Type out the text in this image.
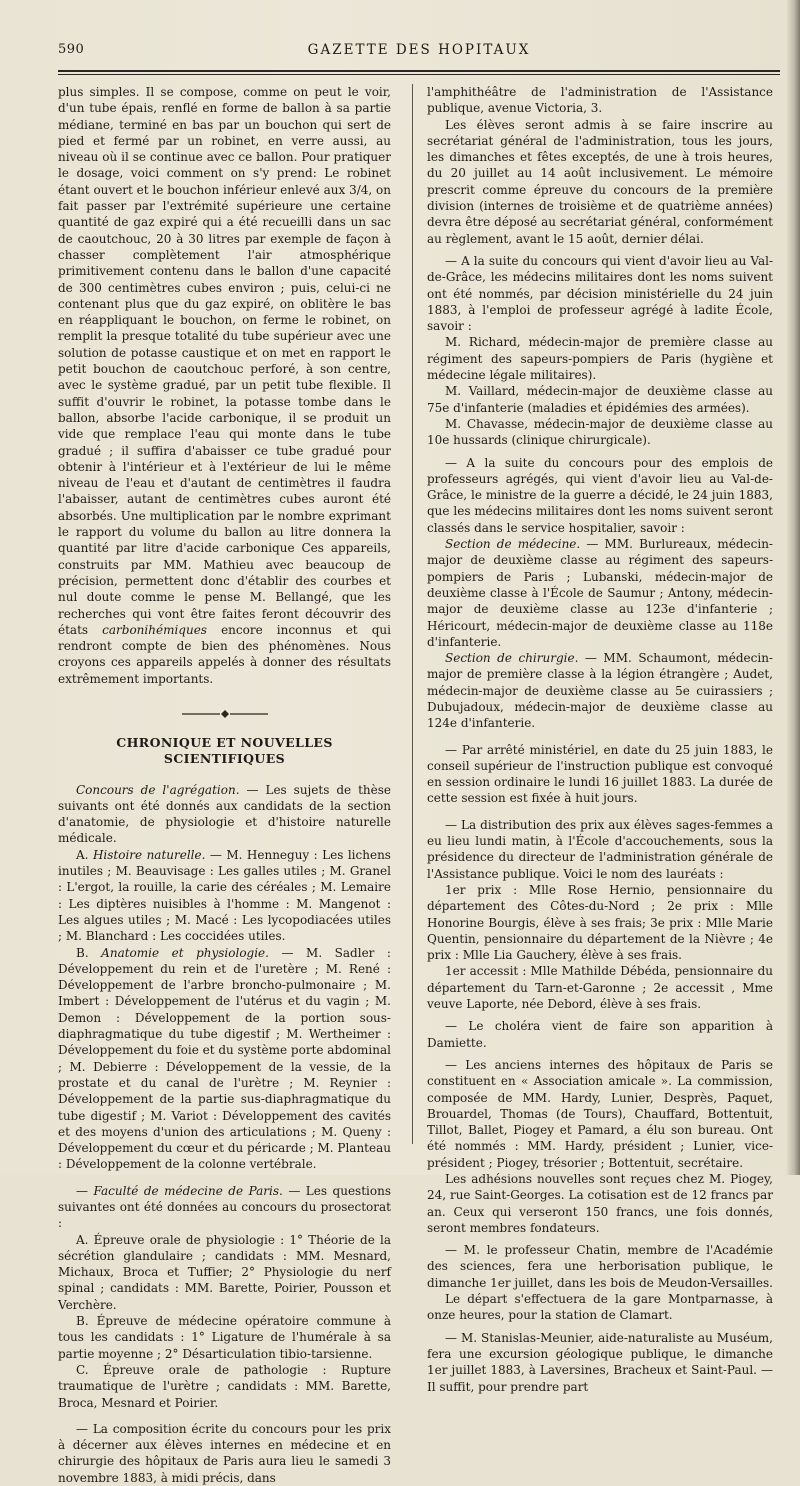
590	GAZETTE DES HOPITAUX

plus simples. Il se compose, comme on peut le voir, d'un tube épais, renflé en forme de ballon à sa partie médiane, terminé en bas par un bouchon qui sert de pied et fermé par un robinet, en verre aussi, au niveau où il se continue avec ce ballon. Pour pratiquer le dosage, voici comment on s'y prend: Le robinet étant ouvert et le bouchon inférieur enlevé aux 3/4, on fait passer par l'extrémité supérieure une certaine quantité de gaz expiré qui a été recueilli dans un sac de caoutchouc, 20 à 30 litres par exemple de façon à chasser complètement l'air atmosphérique primitivement contenu dans le ballon d'une capacité de 300 centimètres cubes environ ; puis, celui-ci ne contenant plus que du gaz expiré, on oblitère le bas en réappliquant le bouchon, on ferme le robinet, on remplit la presque totalité du tube supérieur avec une solution de potasse caustique et on met en rapport le petit bouchon de caoutchouc perforé, à son centre, avec le système gradué, par un petit tube flexible. Il suffit d'ouvrir le robinet, la potasse tombe dans le ballon, absorbe l'acide carbonique, il se produit un vide que remplace l'eau qui monte dans le tube gradué ; il suffira d'abaisser ce tube gradué pour obtenir à l'intérieur et à l'extérieur de lui le même niveau de l'eau et d'autant de centimètres il faudra l'abaisser, autant de centimètres cubes auront été absorbés. Une multiplication par le nombre exprimant le rapport du volume du ballon au litre donnera la quantité par litre d'acide carbonique Ces appareils, construits par MM. Mathieu avec beaucoup de précision, permettent donc d'établir des courbes et nul doute comme le pense M. Bellangé, que les recherches qui vont être faites feront découvrir des états carbonihémiques encore inconnus et qui rendront compte de bien des phénomènes. Nous croyons ces appareils appelés à donner des résultats extrêmement importants.

CHRONIQUE ET NOUVELLES SCIENTIFIQUES

Concours de l'agrégation. — Les sujets de thèse suivants ont été donnés aux candidats de la section d'anatomie, de physiologie et d'histoire naturelle médicale.

A. Histoire naturelle. — M. Henneguy : Les lichens inutiles ; M. Beauvisage : Les galles utiles ; M. Granel : L'ergot, la rouille, la carie des céréales ; M. Lemaire : Les diptères nuisibles à l'homme : M. Mangenot : Les algues utiles ; M. Macé : Les lycopodiacées utiles ; M. Blanchard : Les coccidées utiles.

B. Anatomie et physiologie. — M. Sadler : Développement du rein et de l'uretère ; M. René : Développement de l'arbre broncho-pulmonaire ; M. Imbert : Développement de l'utérus et du vagin ; M. Demon : Développement de la portion sous-diaphragmatique du tube digestif ; M. Wertheimer : Développement du foie et du système porte abdominal ; M. Debierre : Développement de la vessie, de la prostate et du canal de l'urètre ; M. Reynier : Développement de la partie sus-diaphragmatique du tube digestif ; M. Variot : Développement des cavités et des moyens d'union des articulations ; M. Queny : Développement du cœur et du péricarde ; M. Planteau : Développement de la colonne vertébrale.

— Faculté de médecine de Paris. — Les questions suivantes ont été données au concours du prosectorat :

A. Épreuve orale de physiologie : 1° Théorie de la sécrétion glandulaire ; candidats : MM. Mesnard, Michaux, Broca et Tuffier; 2° Physiologie du nerf spinal ; candidats : MM. Barette, Poirier, Pousson et Verchère.

B. Épreuve de médecine opératoire commune à tous les candidats : 1° Ligature de l'humérale à sa partie moyenne ; 2° Désarticulation tibio-tarsienne.

C. Épreuve orale de pathologie : Rupture traumatique de l'urètre ; candidats : MM. Barette, Broca, Mesnard et Poirier.

— La composition écrite du concours pour les prix à décerner aux élèves internes en médecine et en chirurgie des hôpitaux de Paris aura lieu le samedi 3 novembre 1883, à midi précis, dans

l'amphithéâtre de l'administration de l'Assistance publique, avenue Victoria, 3.

Les élèves seront admis à se faire inscrire au secrétariat général de l'administration, tous les jours, les dimanches et fêtes exceptés, de une à trois heures, du 20 juillet au 14 août inclusivement. Le mémoire prescrit comme épreuve du concours de la première division (internes de troisième et de quatrième années) devra être déposé au secrétariat général, conformément au règlement, avant le 15 août, dernier délai.

— A la suite du concours qui vient d'avoir lieu au Val-de-Grâce, les médecins militaires dont les noms suivent ont été nommés, par décision ministérielle du 24 juin 1883, à l'emploi de professeur agrégé à ladite École, savoir :

M. Richard, médecin-major de première classe au régiment des sapeurs-pompiers de Paris (hygiène et médecine légale militaires).

M. Vaillard, médecin-major de deuxième classe au 75e d'infanterie (maladies et épidémies des armées).

M. Chavasse, médecin-major de deuxième classe au 10e hussards (clinique chirurgicale).

— A la suite du concours pour des emplois de professeurs agrégés, qui vient d'avoir lieu au Val-de-Grâce, le ministre de la guerre a décidé, le 24 juin 1883, que les médecins militaires dont les noms suivent seront classés dans le service hospitalier, savoir :

Section de médecine. — MM. Burlureaux, médecin-major de deuxième classe au régiment des sapeurs-pompiers de Paris ; Lubanski, médecin-major de deuxième classe à l'École de Saumur ; Antony, médecin-major de deuxième classe au 123e d'infanterie ; Héricourt, médecin-major de deuxième classe au 118e d'infanterie.

Section de chirurgie. — MM. Schaumont, médecin-major de première classe à la légion étrangère ; Audet, médecin-major de deuxième classe au 5e cuirassiers ; Dubujadoux, médecin-major de deuxième classe au 124e d'infanterie.

— Par arrêté ministériel, en date du 25 juin 1883, le conseil supérieur de l'instruction publique est convoqué en session ordinaire le lundi 16 juillet 1883. La durée de cette session est fixée à huit jours.

— La distribution des prix aux élèves sages-femmes a eu lieu lundi matin, à l'École d'accouchements, sous la présidence du directeur de l'administration générale de l'Assistance publique. Voici le nom des lauréats :

1er prix : Mlle Rose Hernio, pensionnaire du département des Côtes-du-Nord ; 2e prix : Mlle Honorine Bourgis, élève à ses frais; 3e prix : Mlle Marie Quentin, pensionnaire du département de la Nièvre ; 4e prix : Mlle Lia Gauchery, élève à ses frais.

1er accessit : Mlle Mathilde Débéda, pensionnaire du département du Tarn-et-Garonne ; 2e accessit , Mme veuve Laporte, née Debord, élève à ses frais.

— Le choléra vient de faire son apparition à Damiette.

— Les anciens internes des hôpitaux de Paris se constituent en « Association amicale ». La commission, composée de MM. Hardy, Lunier, Desprès, Paquet, Brouardel, Thomas (de Tours), Chauffard, Bottentuit, Tillot, Ballet, Piogey et Pamard, a élu son bureau. Ont été nommés : MM. Hardy, président ; Lunier, vice-président ; Piogey, trésorier ; Bottentuit, secrétaire.

Les adhésions nouvelles sont reçues chez M. Piogey, 24, rue Saint-Georges. La cotisation est de 12 francs par an. Ceux qui verseront 150 francs, une fois donnés, seront membres fondateurs.

— M. le professeur Chatin, membre de l'Académie des sciences, fera une herborisation publique, le dimanche 1er juillet, dans les bois de Meudon-Versailles.

Le départ s'effectuera de la gare Montparnasse, à onze heures, pour la station de Clamart.

— M. Stanislas-Meunier, aide-naturaliste au Muséum, fera une excursion géologique publique, le dimanche 1er juillet 1883, à Laversines, Bracheux et Saint-Paul. — Il suffit, pour prendre part
